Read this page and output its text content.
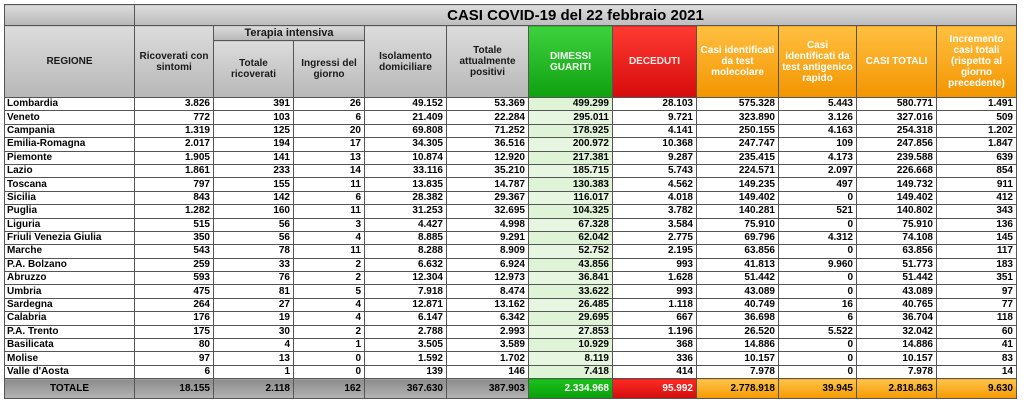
	CASI COVID-19 del 22 febbraio 2021										
REGIONE	Ricoverati con sintomi	Terapia intensiva		Isolamento domiciliare	Totale attualmente positivi	DIMESSI GUARITI	DECEDUTI	Casi identificati da test molecolare	Casi identificati da test antigenico rapido	CASI TOTALI	Incremento casi totali (rispetto al giorno precedente)
		Totale ricoverati	Ingressi del giorno								
Lombardia	3.826	391	26	49.152	53.369	499.299	28.103	575.328	5.443	580.771	1.491
Veneto	772	103	6	21.409	22.284	295.011	9.721	323.890	3.126	327.016	509
Campania	1.319	125	20	69.808	71.252	178.925	4.141	250.155	4.163	254.318	1.202
Emilia-Romagna	2.017	194	17	34.305	36.516	200.972	10.368	247.747	109	247.856	1.847
Piemonte	1.905	141	13	10.874	12.920	217.381	9.287	235.415	4.173	239.588	639
Lazio	1.861	233	14	33.116	35.210	185.715	5.743	224.571	2.097	226.668	854
Toscana	797	155	11	13.835	14.787	130.383	4.562	149.235	497	149.732	911
Sicilia	843	142	6	28.382	29.367	116.017	4.018	149.402	0	149.402	412
Puglia	1.282	160	11	31.253	32.695	104.325	3.782	140.281	521	140.802	343
Liguria	515	56	3	4.427	4.998	67.328	3.584	75.910	0	75.910	136
Friuli Venezia Giulia	350	56	4	8.885	9.291	62.042	2.775	69.796	4.312	74.108	145
Marche	543	78	11	8.288	8.909	52.752	2.195	63.856	0	63.856	117
P.A. Bolzano	259	33	2	6.632	6.924	43.856	993	41.813	9.960	51.773	183
Abruzzo	593	76	2	12.304	12.973	36.841	1.628	51.442	0	51.442	351
Umbria	475	81	5	7.918	8.474	33.622	993	43.089	0	43.089	97
Sardegna	264	27	4	12.871	13.162	26.485	1.118	40.749	16	40.765	77
Calabria	176	19	4	6.147	6.342	29.695	667	36.698	6	36.704	118
P.A. Trento	175	30	2	2.788	2.993	27.853	1.196	26.520	5.522	32.042	60
Basilicata	80	4	1	3.505	3.589	10.929	368	14.886	0	14.886	41
Molise	97	13	0	1.592	1.702	8.119	336	10.157	0	10.157	83
Valle d'Aosta	6	1	0	139	146	7.418	414	7.978	0	7.978	14
TOTALE	18.155	2.118	162	367.630	387.903	2.334.968	95.992	2.778.918	39.945	2.818.863	9.630
